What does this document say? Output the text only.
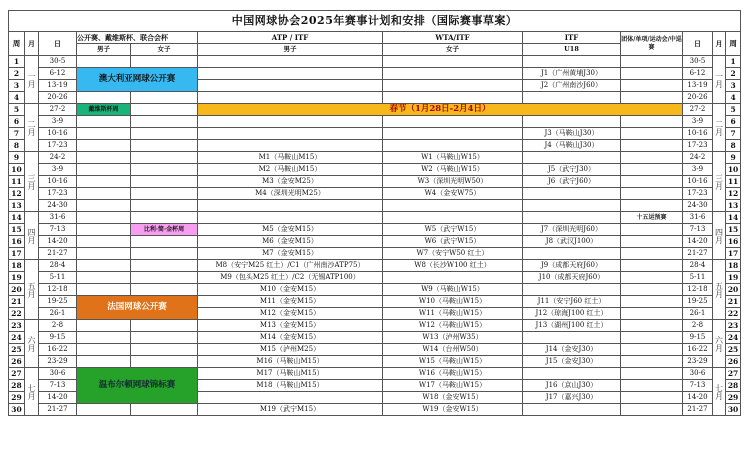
中国网球协会2025年赛事计划和安排（国际赛事草案）											
周	月	日	公开赛、戴维斯杯、联合会杯		ATP / ITF	WTA/ITF	ITF	团体/单项/运动会/中巡赛	日	月	周
			男子	女子	男子	女子	U18				
1	一月	30-5							30-5	一月	1
2		6-12	澳大利亚网球公开赛				J1（广州黄埔J30）		6-12		2
3		13-19					J2（广州南沙J60）		13-19		3
4		20-26							20-26		4
5	二月	27-2	戴维斯杯周		春节（1月28日-2月4日）				27-2	二月	5
6		3-9							3-9		6
7		10-16					J3（马鞍山J30）		10-16		7
8		17-23					J4（马鞍山J30）		17-23		8
9	三月	24-2			M1（马鞍山M15）	W1（马鞍山W15）			24-2	三月	9
10		3-9			M2（马鞍山M15）	W2（马鞍山W15）	J5（武宁J30）		3-9		10
11		10-16			M3（金安M25）	W3（深圳光明W50）	J6（武宁J60）		10-16		11
12		17-23			M4（深圳光明M25）	W4（金安W75）			17-23		12
13		24-30							24-30		13
14	四月	31-6						十五运预赛	31-6	四月	14
15		7-13		比利·简·金杯周	M5（金安M15）	W5（武宁W15）	J7（深圳光明J60）		7-13		15
16		14-20			M6（金安M15）	W6（武宁W15）	J8（武汉J100）		14-20		16
17		21-27			M7（金安M15）	W7（安宁W50 红土）			21-27		17
18	五月	28-4			M8（安宁M25 红土）/C1（广州南沙ATP75）	W8（长沙W100 红土）	J9（成都天府J60）		28-4	五月	18
19		5-11			M9（包头M25 红土）/C2（无锡ATP100）		J10（成都天府J60）		5-11		19
20		12-18			M10（金安M15）	W9（马鞍山W15）			12-18		20
21		19-25	法国网球公开赛		M11（金安M15）	W10（马鞍山W15）	J11（安宁J60 红土）		19-25		21
22		26-1			M12（金安M15）	W11（马鞍山W15）	J12（琼海J100 红土）		26-1		22
23	六月	2-8			M13（金安M15）	W12（马鞍山W15）	J13（湖州J100 红土）		2-8	六月	23
24		9-15			M14（金安M15）	W13（泸州W35）			9-15		24
25		16-22			M15（泸州M25）	W14（台州W50）	J14（金安J30）		16-22		25
26		23-29			M16（马鞍山M15）	W15（马鞍山W15）	J15（金安J30）		23-29		26
27	七月	30-6	温布尔顿网球锦标赛		M17（马鞍山M15）	W16（马鞍山W15）			30-6	七月	27
28		7-13			M18（马鞍山M15）	W17（马鞍山W15）	J16（京山J30）		7-13		28
29		14-20				W18（金安W15）	J17（嘉兴J30）		14-20		29
30		21-27			M19（武宁M15）	W19（金安W15）			21-27		30
